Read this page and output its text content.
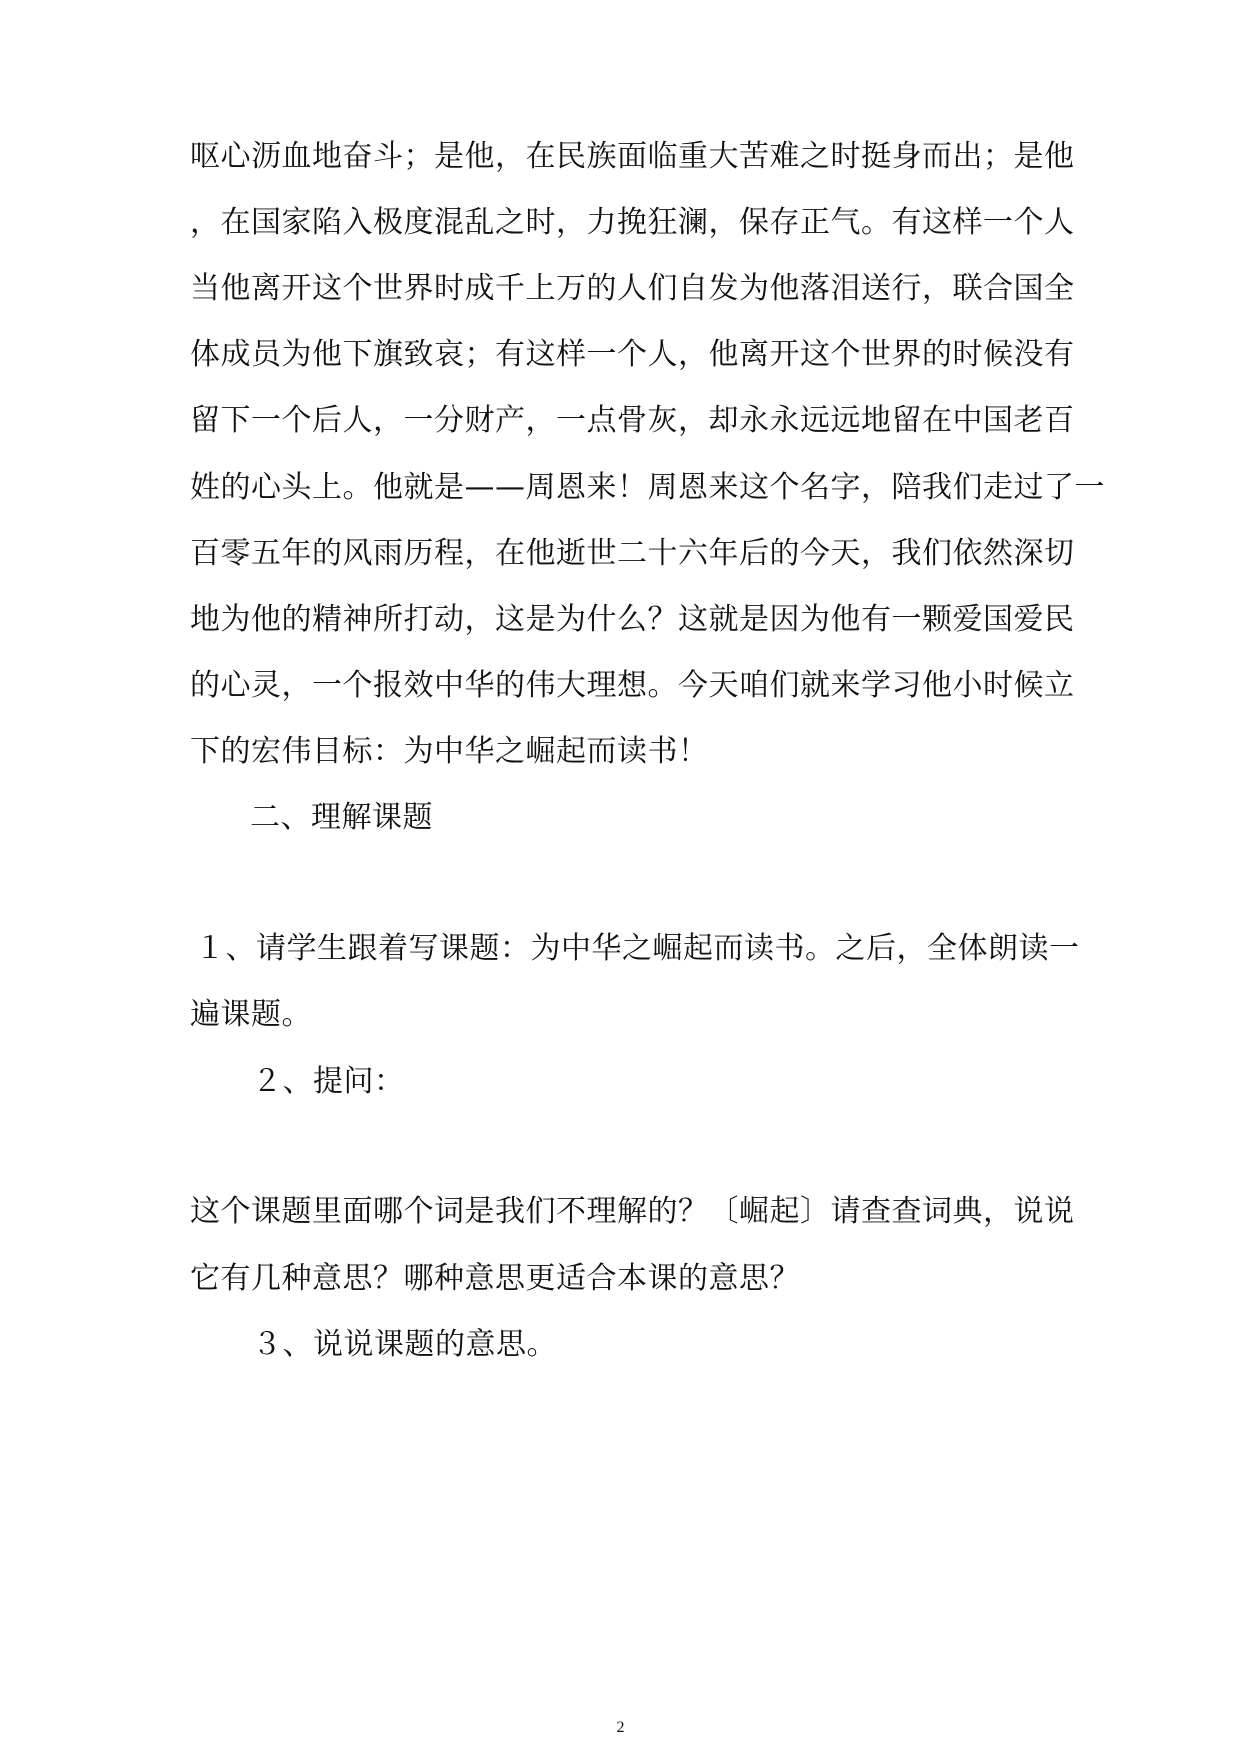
呕心沥血地奋斗；是他，在民族面临重大苦难之时挺身而出；是他
，在国家陷入极度混乱之时，力挽狂澜，保存正气。有这样一个人
当他离开这个世界时成千上万的人们自发为他落泪送行，联合国全
体成员为他下旗致哀；有这样一个人，他离开这个世界的时候没有
留下一个后人，一分财产，一点骨灰，却永永远远地留在中国老百
姓的心头上。他就是——周恩来！周恩来这个名字，陪我们走过了一
百零五年的风雨历程，在他逝世二十六年后的今天，我们依然深切
地为他的精神所打动，这是为什么？这就是因为他有一颗爱国爱民
的心灵，一个报效中华的伟大理想。今天咱们就来学习他小时候立
下的宏伟目标：为中华之崛起而读书！
二、理解课题
１、请学生跟着写课题：为中华之崛起而读书。之后，全体朗读一
遍课题。
２、提问：
这个课题里面哪个词是我们不理解的？〔崛起〕请查查词典，说说
它有几种意思？哪种意思更适合本课的意思？
３、说说课题的意思。
2
